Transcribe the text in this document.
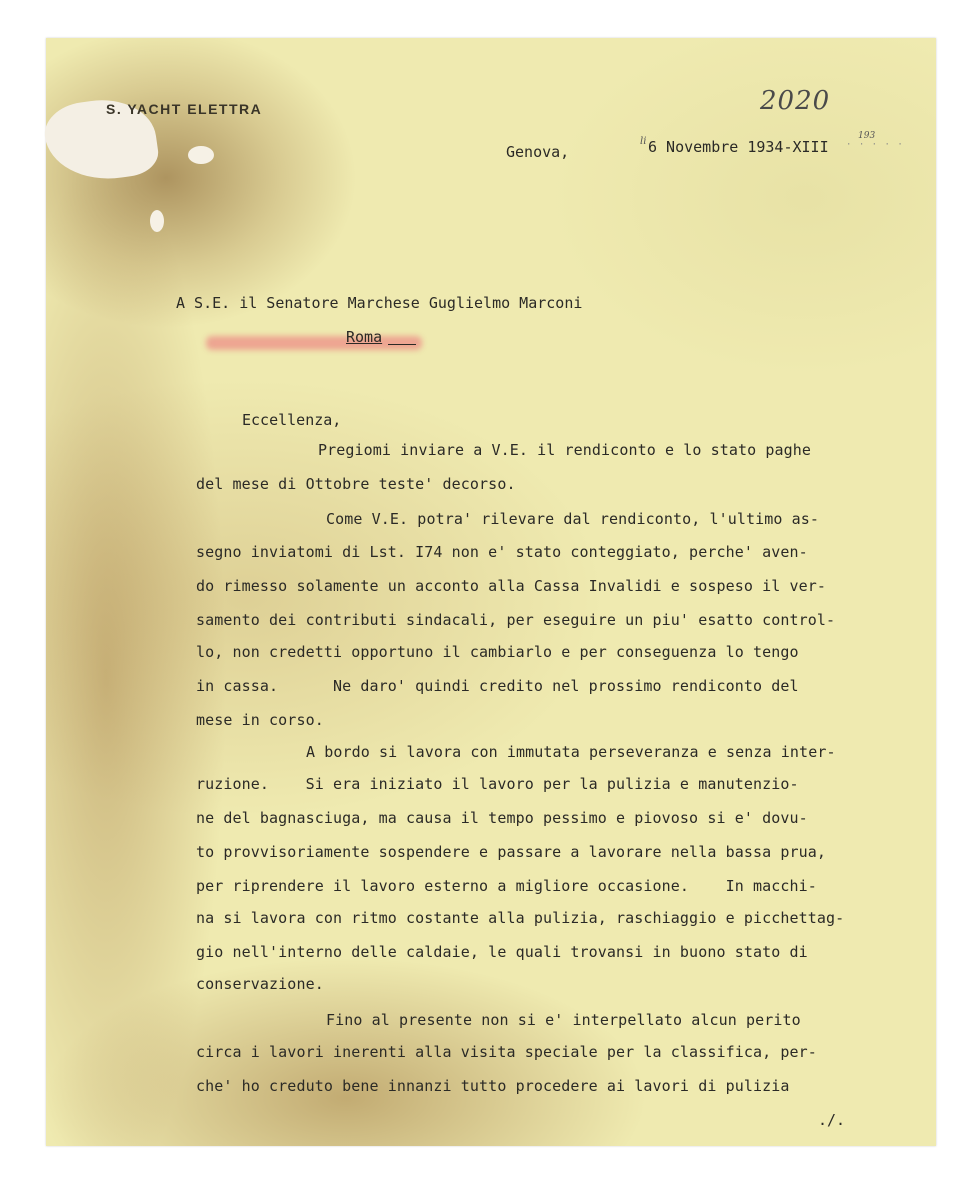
S. YACHT ELETTRA	2020
Genova,
li 6 Novembre 1934-XIII · · · · ·
193
A S.E. il Senatore Marchese Guglielmo Marconi
Roma
Eccellenza,
Pregiomi inviare a V.E. il rendiconto e lo stato paghe
del mese di Ottobre teste' decorso.
Come V.E. potra' rilevare dal rendiconto, l'ultimo as-
segno inviatomi di Lst. I74 non e' stato conteggiato, perche' aven-
do rimesso solamente un acconto alla Cassa Invalidi e sospeso il ver-
samento dei contributi sindacali, per eseguire un piu' esatto control-
lo, non credetti opportuno il cambiarlo e per conseguenza lo tengo
in cassa.      Ne daro' quindi credito nel prossimo rendiconto del
mese in corso.
A bordo si lavora con immutata perseveranza e senza inter-
ruzione.    Si era iniziato il lavoro per la pulizia e manutenzio-
ne del bagnasciuga, ma causa il tempo pessimo e piovoso si e' dovu-
to provvisoriamente sospendere e passare a lavorare nella bassa prua,
per riprendere il lavoro esterno a migliore occasione.    In macchi-
na si lavora con ritmo costante alla pulizia, raschiaggio e picchettag-
gio nell'interno delle caldaie, le quali trovansi in buono stato di
conservazione.
Fino al presente non si e' interpellato alcun perito
circa i lavori inerenti alla visita speciale per la classifica, per-
che' ho creduto bene innanzi tutto procedere ai lavori di pulizia
./.
